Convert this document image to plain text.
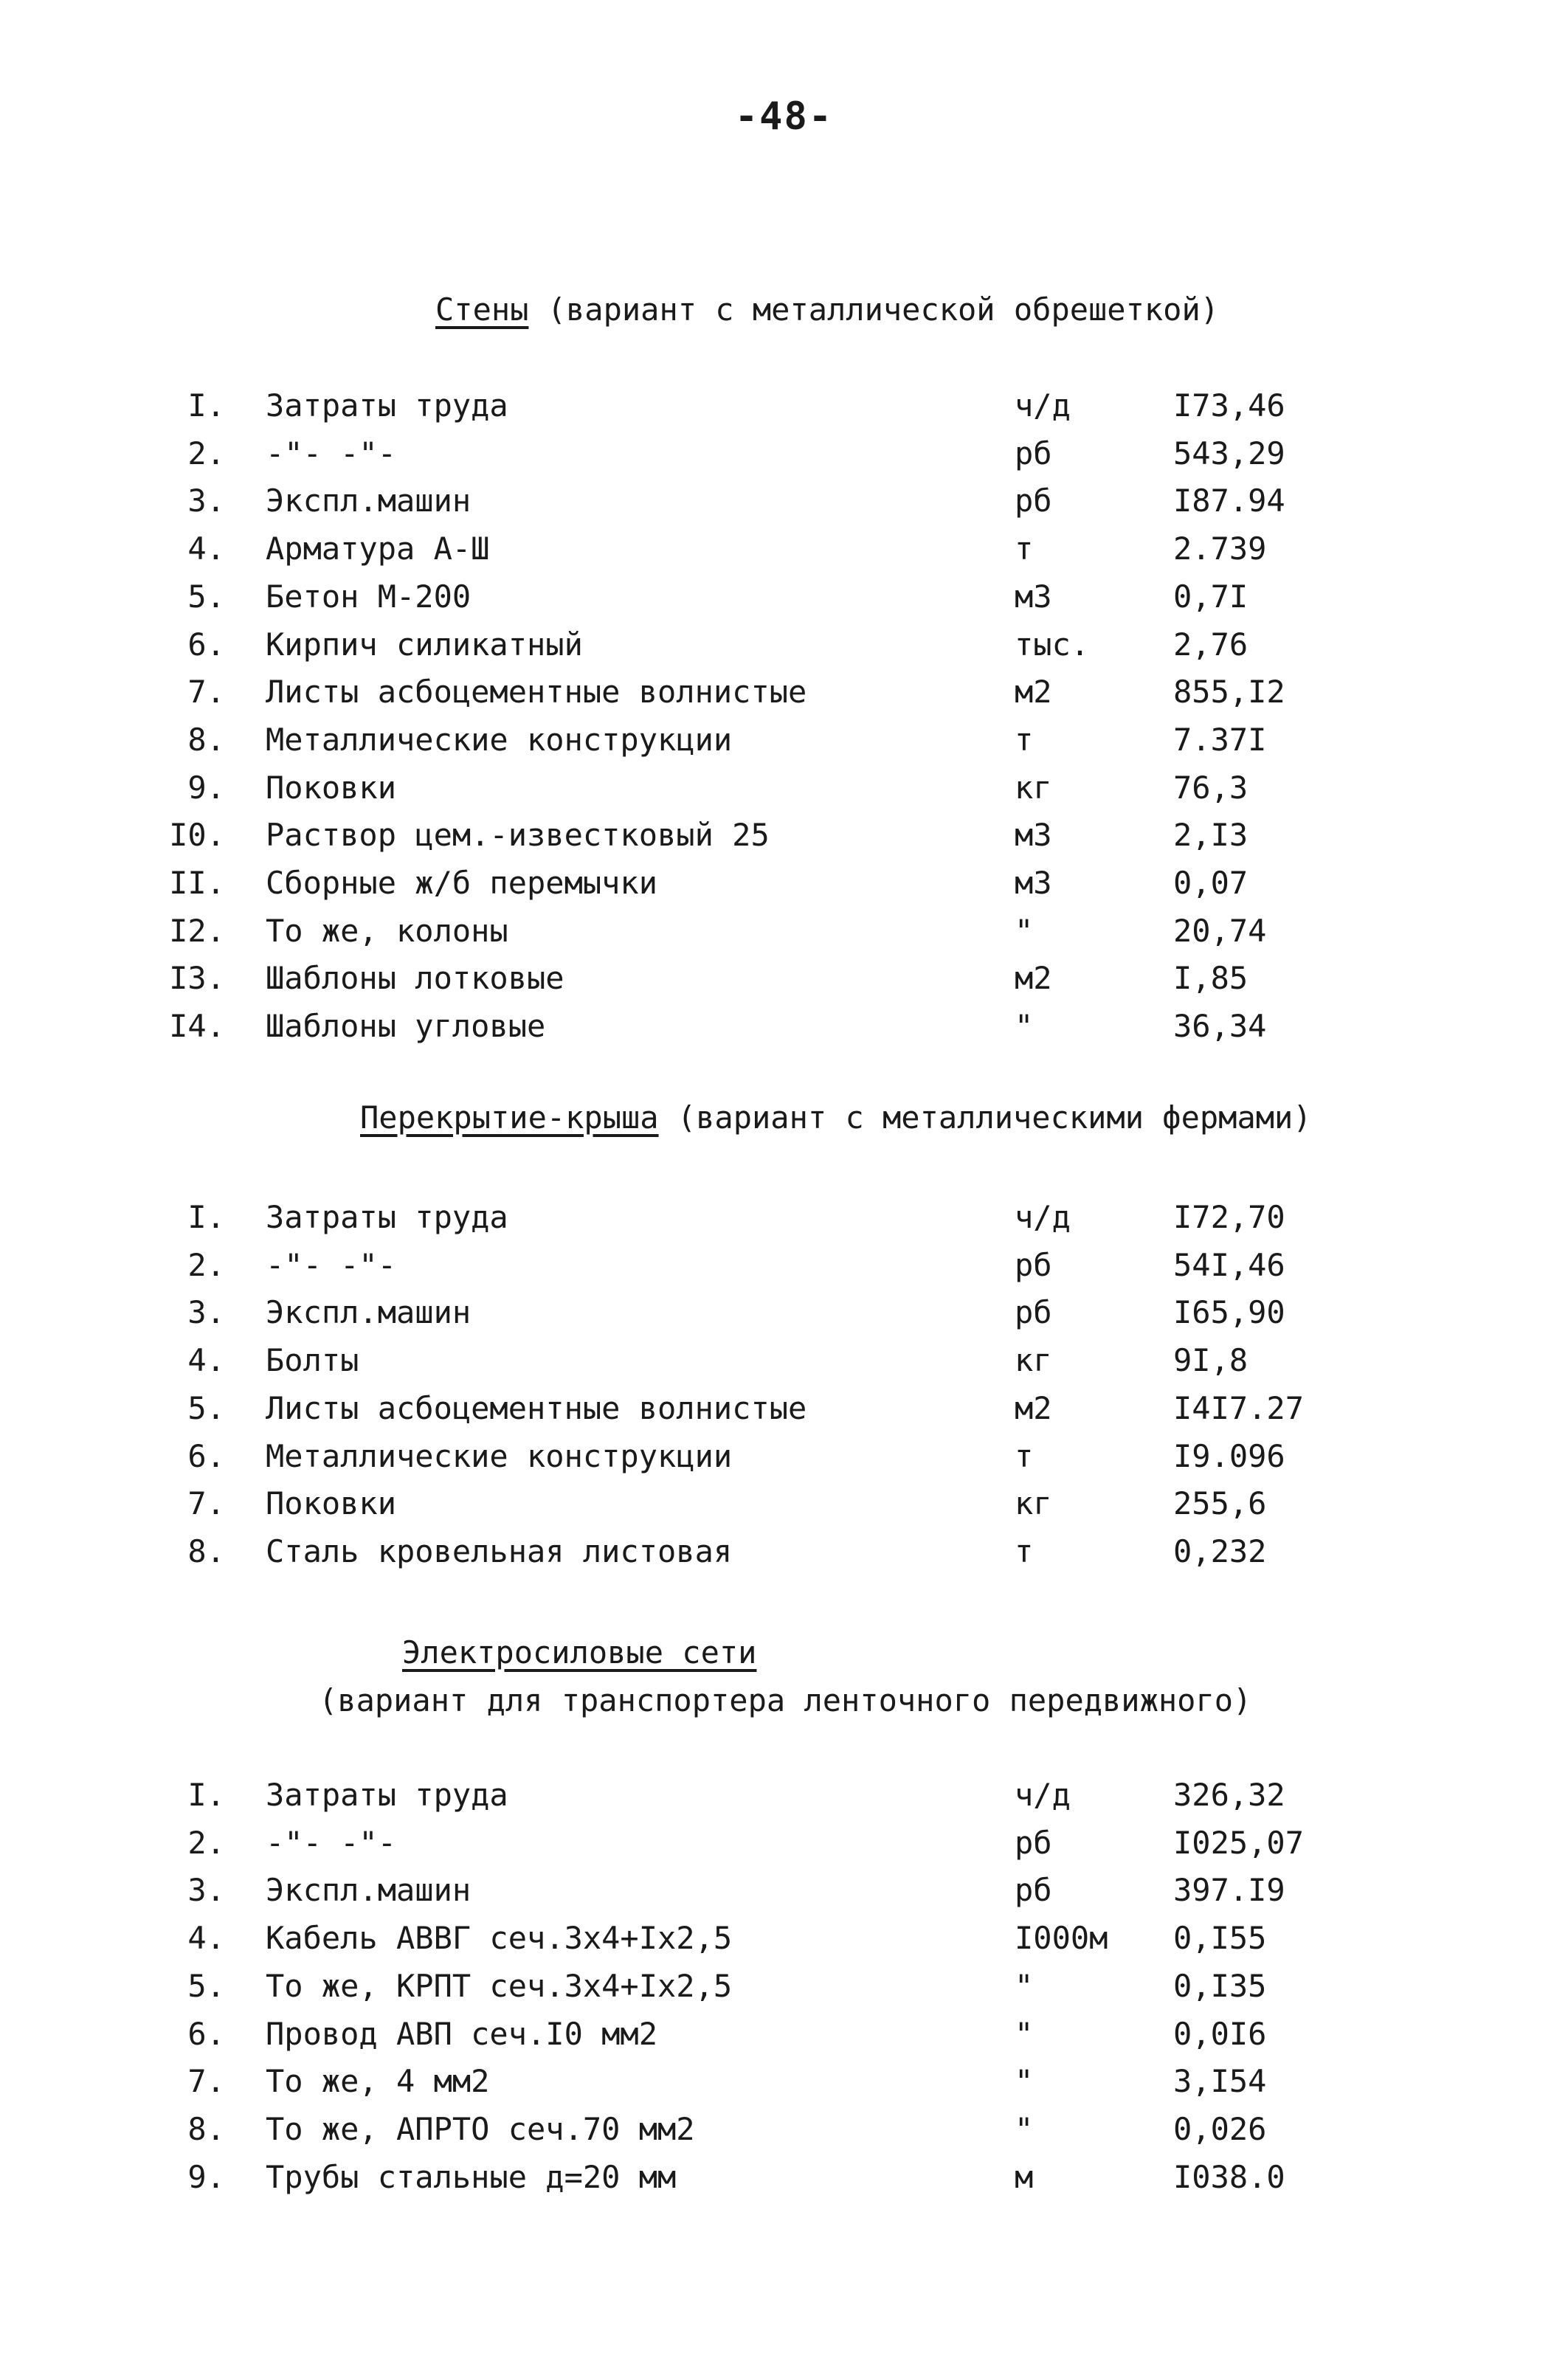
-48-
Стены (вариант с металлической обрешеткой)
I. Затраты труда	ч/д	I73,46
2. -"- -"-	рб	543,29
3. Экспл.машин	рб	I87.94
4. Арматура А-Ш	т	2.739
5. Бетон М-200	м3	0,7I
6. Кирпич силикатный	тыс.	2,76
7. Листы асбоцементные волнистые	м2	855,I2
8. Металлические конструкции	т	7.37I
9. Поковки	кг	76,3
I0. Раствор цем.-известковый 25	м3	2,I3
II. Сборные ж/б перемычки	м3	0,07
I2. То же, колоны	"	20,74
I3. Шаблоны лотковые	м2	I,85
I4. Шаблоны угловые	"	36,34
Перекрытие-крыша (вариант с металлическими фермами)
I. Затраты труда	ч/д	I72,70
2. -"- -"-	рб	54I,46
3. Экспл.машин	рб	I65,90
4. Болты	кг	9I,8
5. Листы асбоцементные волнистые	м2	I4I7.27
6. Металлические конструкции	т	I9.096
7. Поковки	кг	255,6
8. Сталь кровельная листовая	т	0,232
Электросиловые сети
(вариант для транспортера ленточного передвижного)
I. Затраты труда	ч/д	326,32
2. -"- -"-	рб	I025,07
3. Экспл.машин	рб	397.I9
4. Кабель АВВГ сеч.3х4+Iх2,5	I000м 0,I55
5. То же, КРПТ сеч.3х4+Iх2,5	"	0,I35
6. Провод АВП сеч.I0 мм2	"	0,0I6
7. То же, 4 мм2	"	3,I54
8. То же, АПРТО сеч.70 мм2	"	0,026
9. Трубы стальные д=20 мм	м	I038.0
